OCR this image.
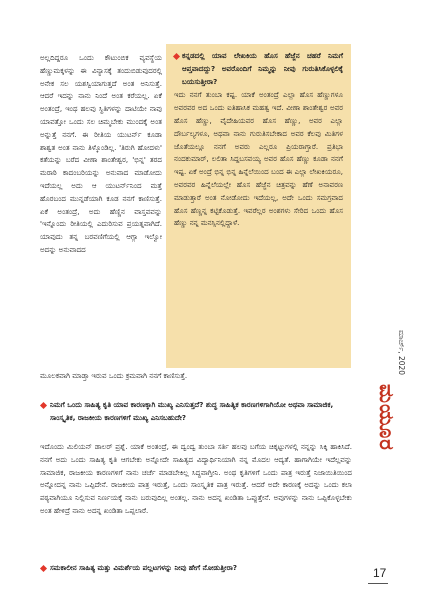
ಅಲ್ಲದಿದ್ದರೂ ಒಂದು ಕೌಟುಂಬಿಕ ವ್ಯವಸ್ಥೆಯ ಹೆಣ್ಣುಮಕ್ಕಳನ್ನು ಈ ವಿನ್ಯಾಸಕ್ಕೆ ತಂದುಬಿಡುವುದರಲ್ಲಿ ಅನೇಕ ಸಲ ಯಶಸ್ವಿಯಾಗುತ್ತದೆ ಅಂತ ಅನಿಸುತ್ತೆ. ಆದರೆ ಇದನ್ನು ನಾನು ನಿಂದೆ ಅಂತ ಕರೆಯಲ್ಲ. ಏಕೆ ಅಂತಂದ್ರೆ, ಇಂಥ ಹಲವು ಸ್ಥಿತಿಗಳನ್ನು ದಾಟಿಯೇ ನಾವು ಯಾವತ್ತೋ ಒಂದು ಸಲ ಚಿಮ್ಮಬೇಕು ಮುಂದಕ್ಕೆ ಅಂತ ಅನ್ನುತ್ತೆ ನನಗೆ. ಈ ರೀತಿಯ ಯುಟರ್ನ್ ಕೂಡಾ ಶಾಶ್ವತ ಅಂತ ನಾನು ತಿಳ್ಕೊಂಡಿಲ್ಲ. 'ತಿರುಗಿ ಹೋದಳು' ಕತೆಯನ್ನು ಬರೆದ ವೀಣಾ ಶಾಂತೇಶ್ವರ, 'ಭಿನ್ನ' ತರದ ಮರಾಠಿ ಕಾದಂಬರಿಯನ್ನು ಅನುವಾದ ಮಾಡೋದು ಇದೆಯಲ್ಲ ಅದು ಆ ಯುಟರ್ನ್‌ನಿಂದ ಮತ್ತೆ ಹೊರಬಂದ ಮುನ್ನಡೆಯಾಗಿ ಕೂಡ ನನಗೆ ಕಾಣಿಸುತ್ತೆ. ಏಕೆ ಅಂತಂದ್ರೆ, ಅದು ಹೆಣ್ಣಿನ ವಾಸ್ತವವನ್ನು 'ಇನ್ನೊಂದು ರೀತಿಯಲ್ಲಿ ಎದುರಿಸುವ ಪ್ರಯತ್ನವಾಗಿದೆ. ಯಾವುದು ತನ್ನ ಬರವಣಿಗೆಯಲ್ಲಿ ಆಗ್ಲಾ ಇಲ್ವೋ ಅದನ್ನು ಅನುವಾದದ

ಕನ್ನಡದಲ್ಲಿ ಯಾವ ಲೇಖಕಿಯ ಹೊಸ ಹೆಜ್ಜೆನ ಚಹರೆ ನಿಮಗೆ ಆಪ್ತವಾದದ್ದು? ಅವರೊಂದಿಗೆ ನಿಮ್ಮನ್ನು ನೀವು ಗುರುತಿಸಿಕೊಳ್ಳಲಿಕ್ಕೆ ಬಯಸುತ್ತೀರಾ?

ಇದು ನನಗೆ ತುಂಬಾ ಕಷ್ಟ. ಯಾಕೆ ಅಂತಂದ್ರೆ ಎಲ್ಲಾ ಹೊಸ ಹೆಣ್ಣುಗಳೂ ಅವರವರ ಅದ ಒಂದು ಐತಿಹಾಸಿಕ ಮಹತ್ವ ಇದೆ. ವೀಣಾ ಶಾಂತೇಶ್ವರ ಅವರ ಹೊಸ ಹೆಣ್ಣು, ವೈದೇಹಿಯವರ ಹೊಸ ಹೆಣ್ಣು, ಅವರ ಎಲ್ಲಾ ದೌರ್ಬಲ್ಯಗಳೂ, ಅಥವಾ ನಾನು ಗುರುತಿಸಬೇಕಾದ ಅವರ ಕೆಲವು ಮಿತಿಗಳ ಜೊತೆಯಲ್ಲೂ ನನಗೆ ಅವರು ಎಲ್ಲರೂ ಪ್ರಿಯರಾಗ್ತಾರೆ. ಪ್ರತಿಭಾ ನಂದಕುಮಾರ್, ಲಲಿತಾ ಸಿದ್ದಬಸವಯ್ಯ ಅವರ ಹೊಸ ಹೆಣ್ಣು ಕೂಡಾ ನನಗೆ ಇಷ್ಟ. ಏಕೆ ಅಂದ್ರೆ ಭಿನ್ನ ಭಿನ್ನ ಹಿನ್ನೆಲೆಯಿಂದ ಬಂದ ಈ ಎಲ್ಲಾ ಲೇಖಕಿಯರೂ, ಅವರವರ ಹಿನ್ನೆಲೆಯಲ್ಲೇ ಹೊಸ ಹೆಜ್ಜೆನ ಚಿತ್ರವನ್ನು ಹೆಣೆ ಅನಾವರಣ ಮಾಡುತ್ತಾರೆ ಅಂತ ನೋಡೋದು ಇದೆಯಲ್ಲ, ಅದೇ ಒಂದು ಸಮಗ್ರವಾದ ಹೊಸ ಹೆಣ್ಣನ್ನ ಕಟ್ಟಿಕೊಡುತ್ತೆ. ಇವರೆಲ್ಲರ ಅಂಶಗಳು ಸೇರಿದ ಒಂದು ಹೊಸ ಹೆಣ್ಣು ನನ್ನ ಮನಸ್ಸಿನಲ್ಲಿದ್ದಾಳೆ.

ಮೂಲಕವಾಗಿ ಮಾಡ್ತಾ ಇರುವ ಒಂದು ಕ್ರಮವಾಗಿ ನನಗೆ ಕಾಣಿಸುತ್ತೆ.

ನಿಮಗೆ ಒಂದು ಸಾಹಿತ್ಯ ಕೃತಿ ಯಾವ ಕಾರಣಕ್ಕಾಗಿ ಮುಖ್ಯ ಎನಿಸುತ್ತದೆ? ಶುದ್ಧ ಸಾಹಿತ್ಯಿಕ ಕಾರಣಗಳಿಗಾಗಿಯೋ ಅಥವಾ ಸಾಮಾಜಿಕ, ಸಾಂಸ್ಕೃತಿಕ, ರಾಜಕೀಯ ಕಾರಣಗಳಿಗೆ ಮುಖ್ಯ ಎನಿಸಬಹುದೇ?

ಇದೊಂದು ಮಿಲಿಯನ್ ಡಾಲರ್ ಪ್ರಶ್ನೆ. ಯಾಕೆ ಅಂತಂದ್ರೆ, ಈ ದ್ವಂದ್ವ ತುಂಬಾ ಸರ್ತಿ ಹಲವು ಬಗೆಯ ಚಿಕ್ಕಟ್ಟುಗಳಲ್ಲಿ ನನ್ನನ್ನು ಸಿಕ್ಕಿ ಹಾಕಿಸಿದೆ. ನನಗೆ ಅದು ಒಂದು ಸಾಹಿತ್ಯ ಕೃತಿ ಆಗಬೇಕು ಅನ್ನೋದೇ ಸಾಹಿತ್ಯದ ವಿದ್ಯಾರ್ಥಿನಿಯಾಗಿ ನನ್ನ ಮೊದಲ ಆದ್ಯತೆ. ಹಾಗಾಗಿಯೇ ಇದೆಲ್ಲವನ್ನು ಸಾಮಾಜಿಕ, ರಾಜಕೀಯ ಕಾರಣಗಳಿಗೆ ನಾನು ಚರ್ಚೆ ಮಾಡಬೇಕಿಲ್ಲ ಸಿದ್ಧವಾಗ್ತೀನಿ. ಅಂಥ ಕೃತಿಗಳಿಗೆ ಒಂದು ಪಾತ್ರ ಇರುತ್ತೆ ನಿಜಾಯಿತಿಯಿಂದ ಅನ್ನೋದನ್ನ ನಾನು ಒಪ್ಪಿದೇನೆ. ರಾಜಕೀಯ ಪಾತ್ರ ಇರುತ್ತೆ, ಒಂದು ಸಾಂಸ್ಕೃತಿಕ ಪಾತ್ರ ಇರುತ್ತೆ. ಆದರೆ ಅದೇ ಕಾರಣಕ್ಕೆ ಅದನ್ನು ಒಂದು ಕಲಾ ಪಠ್ಯವಾಗಿಯೂ ನಿಲ್ಲಿಸುವ ನಿರ್ಣಯಕ್ಕೆ ನಾನು ಬರುವುದಿಲ್ಲ ಅಂತಲ್ಲ. ನಾನು ಅದನ್ನ ಖಂಡಿತಾ ಒಪ್ಪುತ್ತೇನೆ. ಅವುಗಳನ್ನು ನಾನು ಒಪ್ಪಿಕೊಳ್ಳಬೇಕು ಅಂತ ಹೇಳಿದ್ರೆ ನಾನು ಅದನ್ನ ಖಂಡಿತಾ ಒಪ್ಪಲಾರೆ.

ಸಮಕಾಲೀನ ಸಾಹಿತ್ಯ ಮತ್ತು ವಿಮರ್ಶೆಯ ಪಲ್ಲಟಗಳನ್ನು ನೀವು ಹೇಗೆ ನೋಡುತ್ತೀರಾ?

ಮಾರ್ಚ್, 2020
ಮಯೂರ
17
